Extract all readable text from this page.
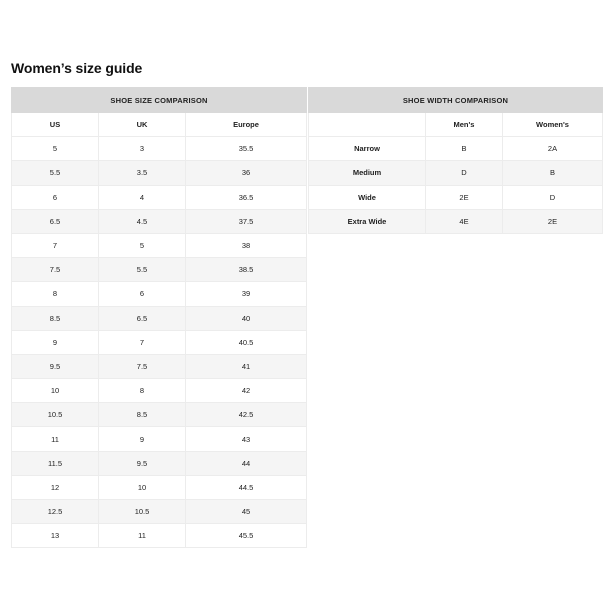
Women’s size guide
SHOE SIZE COMPARISON		
US	UK	Europe
5	3	35.5
5.5	3.5	36
6	4	36.5
6.5	4.5	37.5
7	5	38
7.5	5.5	38.5
8	6	39
8.5	6.5	40
9	7	40.5
9.5	7.5	41
10	8	42
10.5	8.5	42.5
11	9	43
11.5	9.5	44
12	10	44.5
12.5	10.5	45
13	11	45.5
SHOE WIDTH COMPARISON		
	Men's	Women's
Narrow	B	2A
Medium	D	B
Wide	2E	D
Extra Wide	4E	2E
